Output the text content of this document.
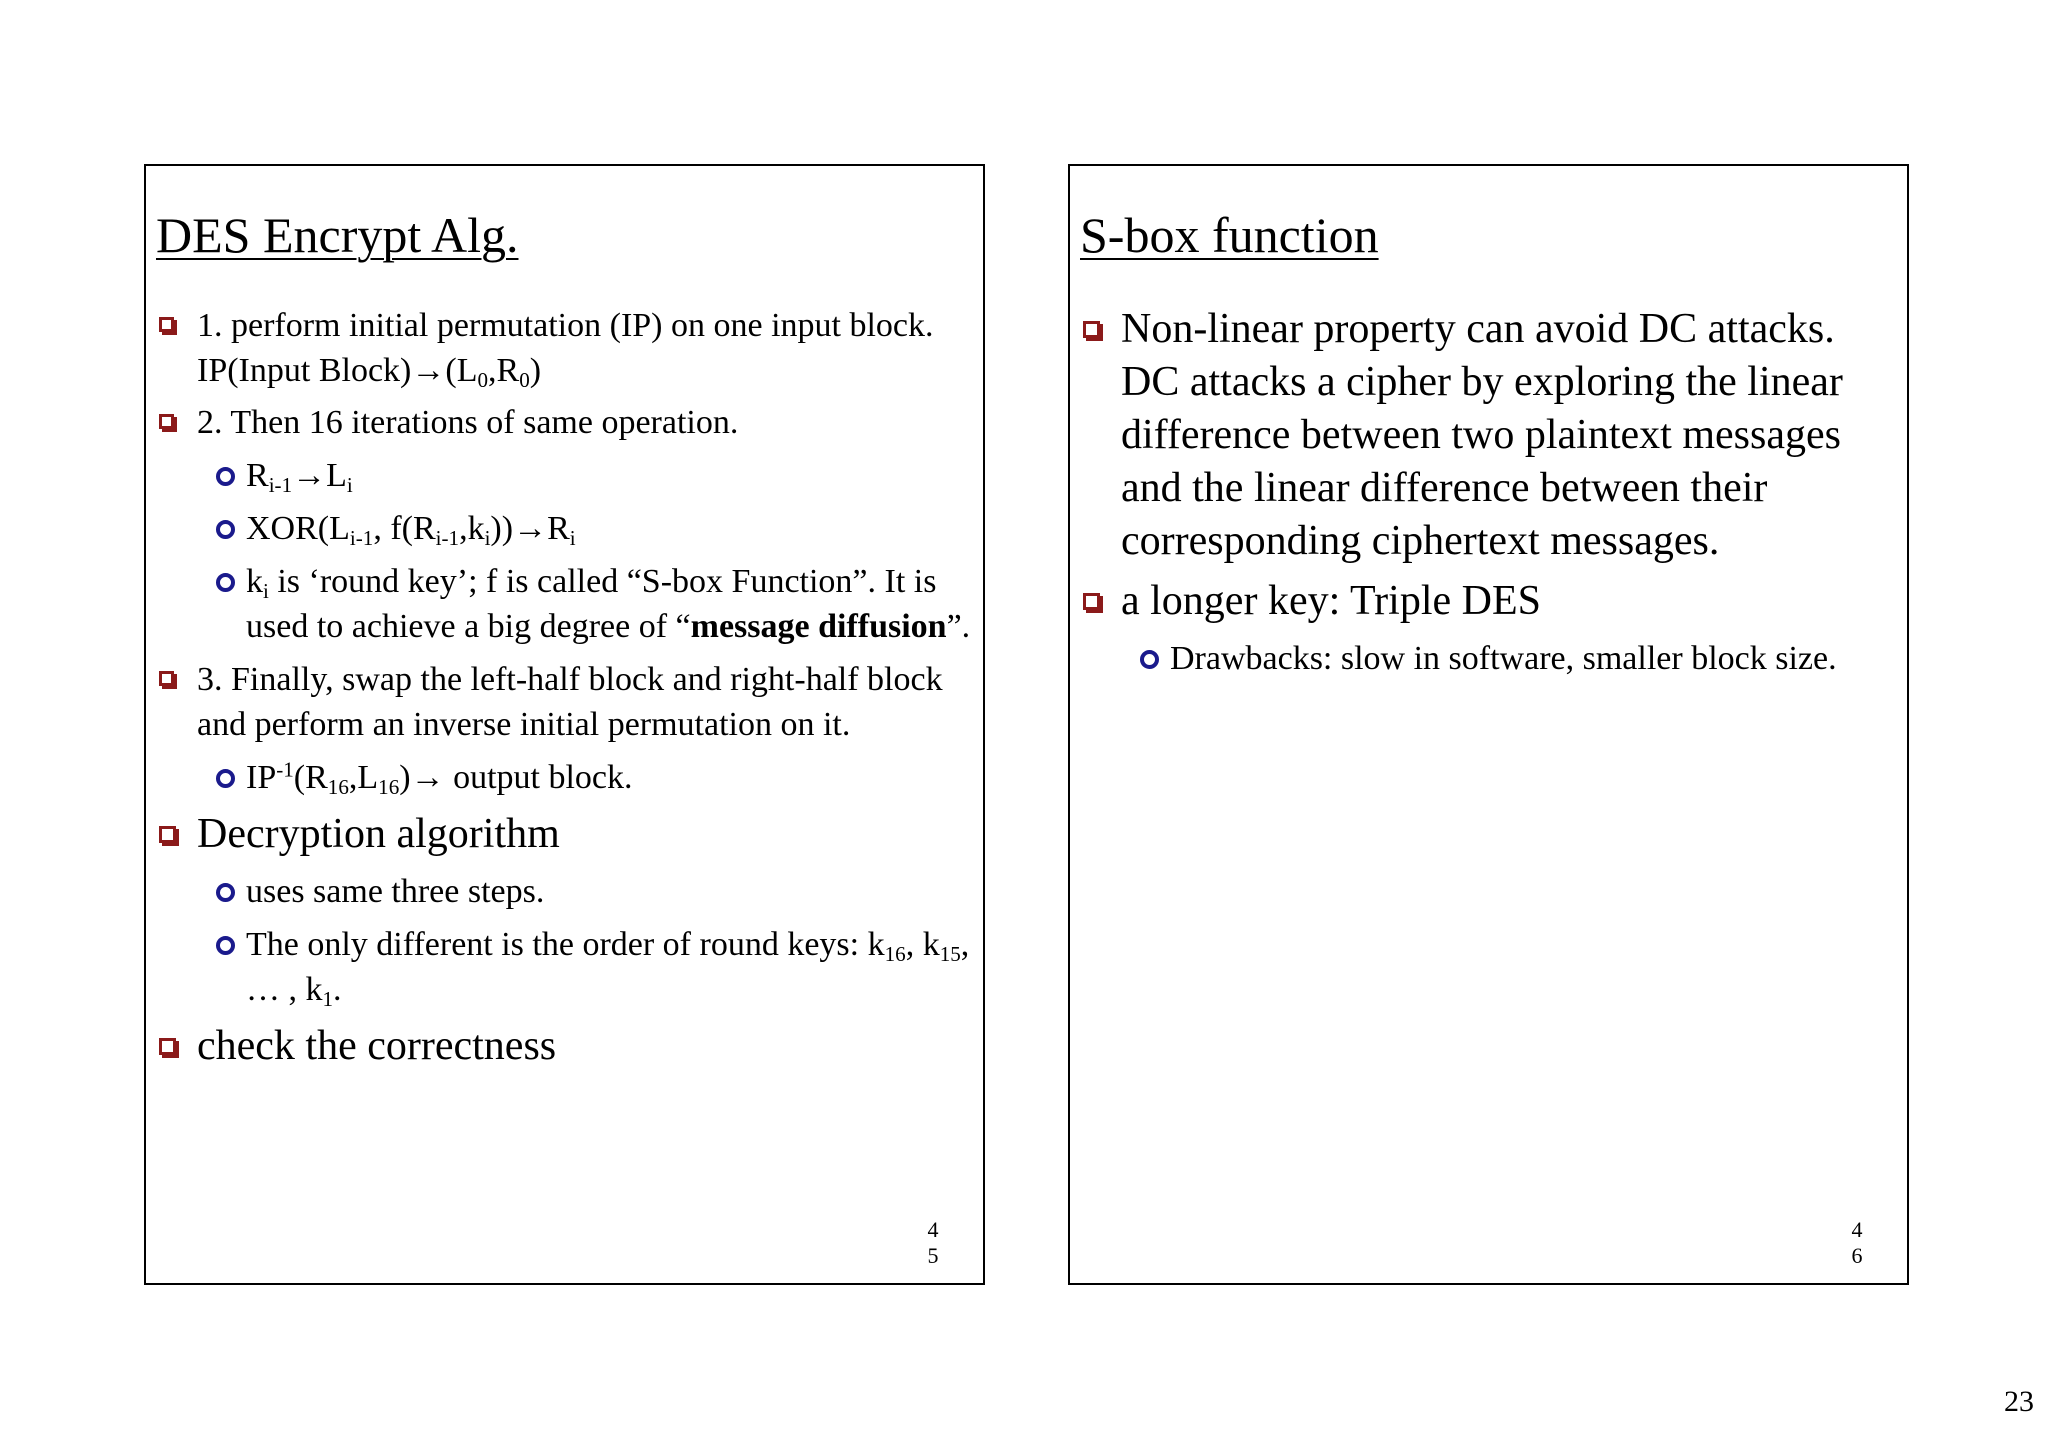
DES Encrypt Alg.
1. perform initial permutation (IP) on one input block. IP(Input $Block)\to(L_0,R_0)$
2. Then 16 iterations of same operation.
$R_{i-1}\to L_i$
$XOR(L_{i-1}$, $f(R_{i-1},k_i))\to R_i$
$k_i$ is ‘round key’; f is called “S-box Function”. It is used to achieve a big degree of “message diffusion”.
3. Finally, swap the left-half block and right-half block and perform an inverse initial permutation on it.
$IP^{-1}(R_{16},L_{16})\to$ output block.
Decryption algorithm
uses same three steps.
The only different is the order of round keys: $k_{16}$, $k_{15}$, … , $k_1$.
check the correctness
4
5
S-box function
Non-linear property can avoid DC attacks. DC attacks a cipher by exploring the linear difference between two plaintext messages and the linear difference between their corresponding ciphertext messages.
a longer key: Triple DES
Drawbacks: slow in software, smaller block size.
4
6
23
